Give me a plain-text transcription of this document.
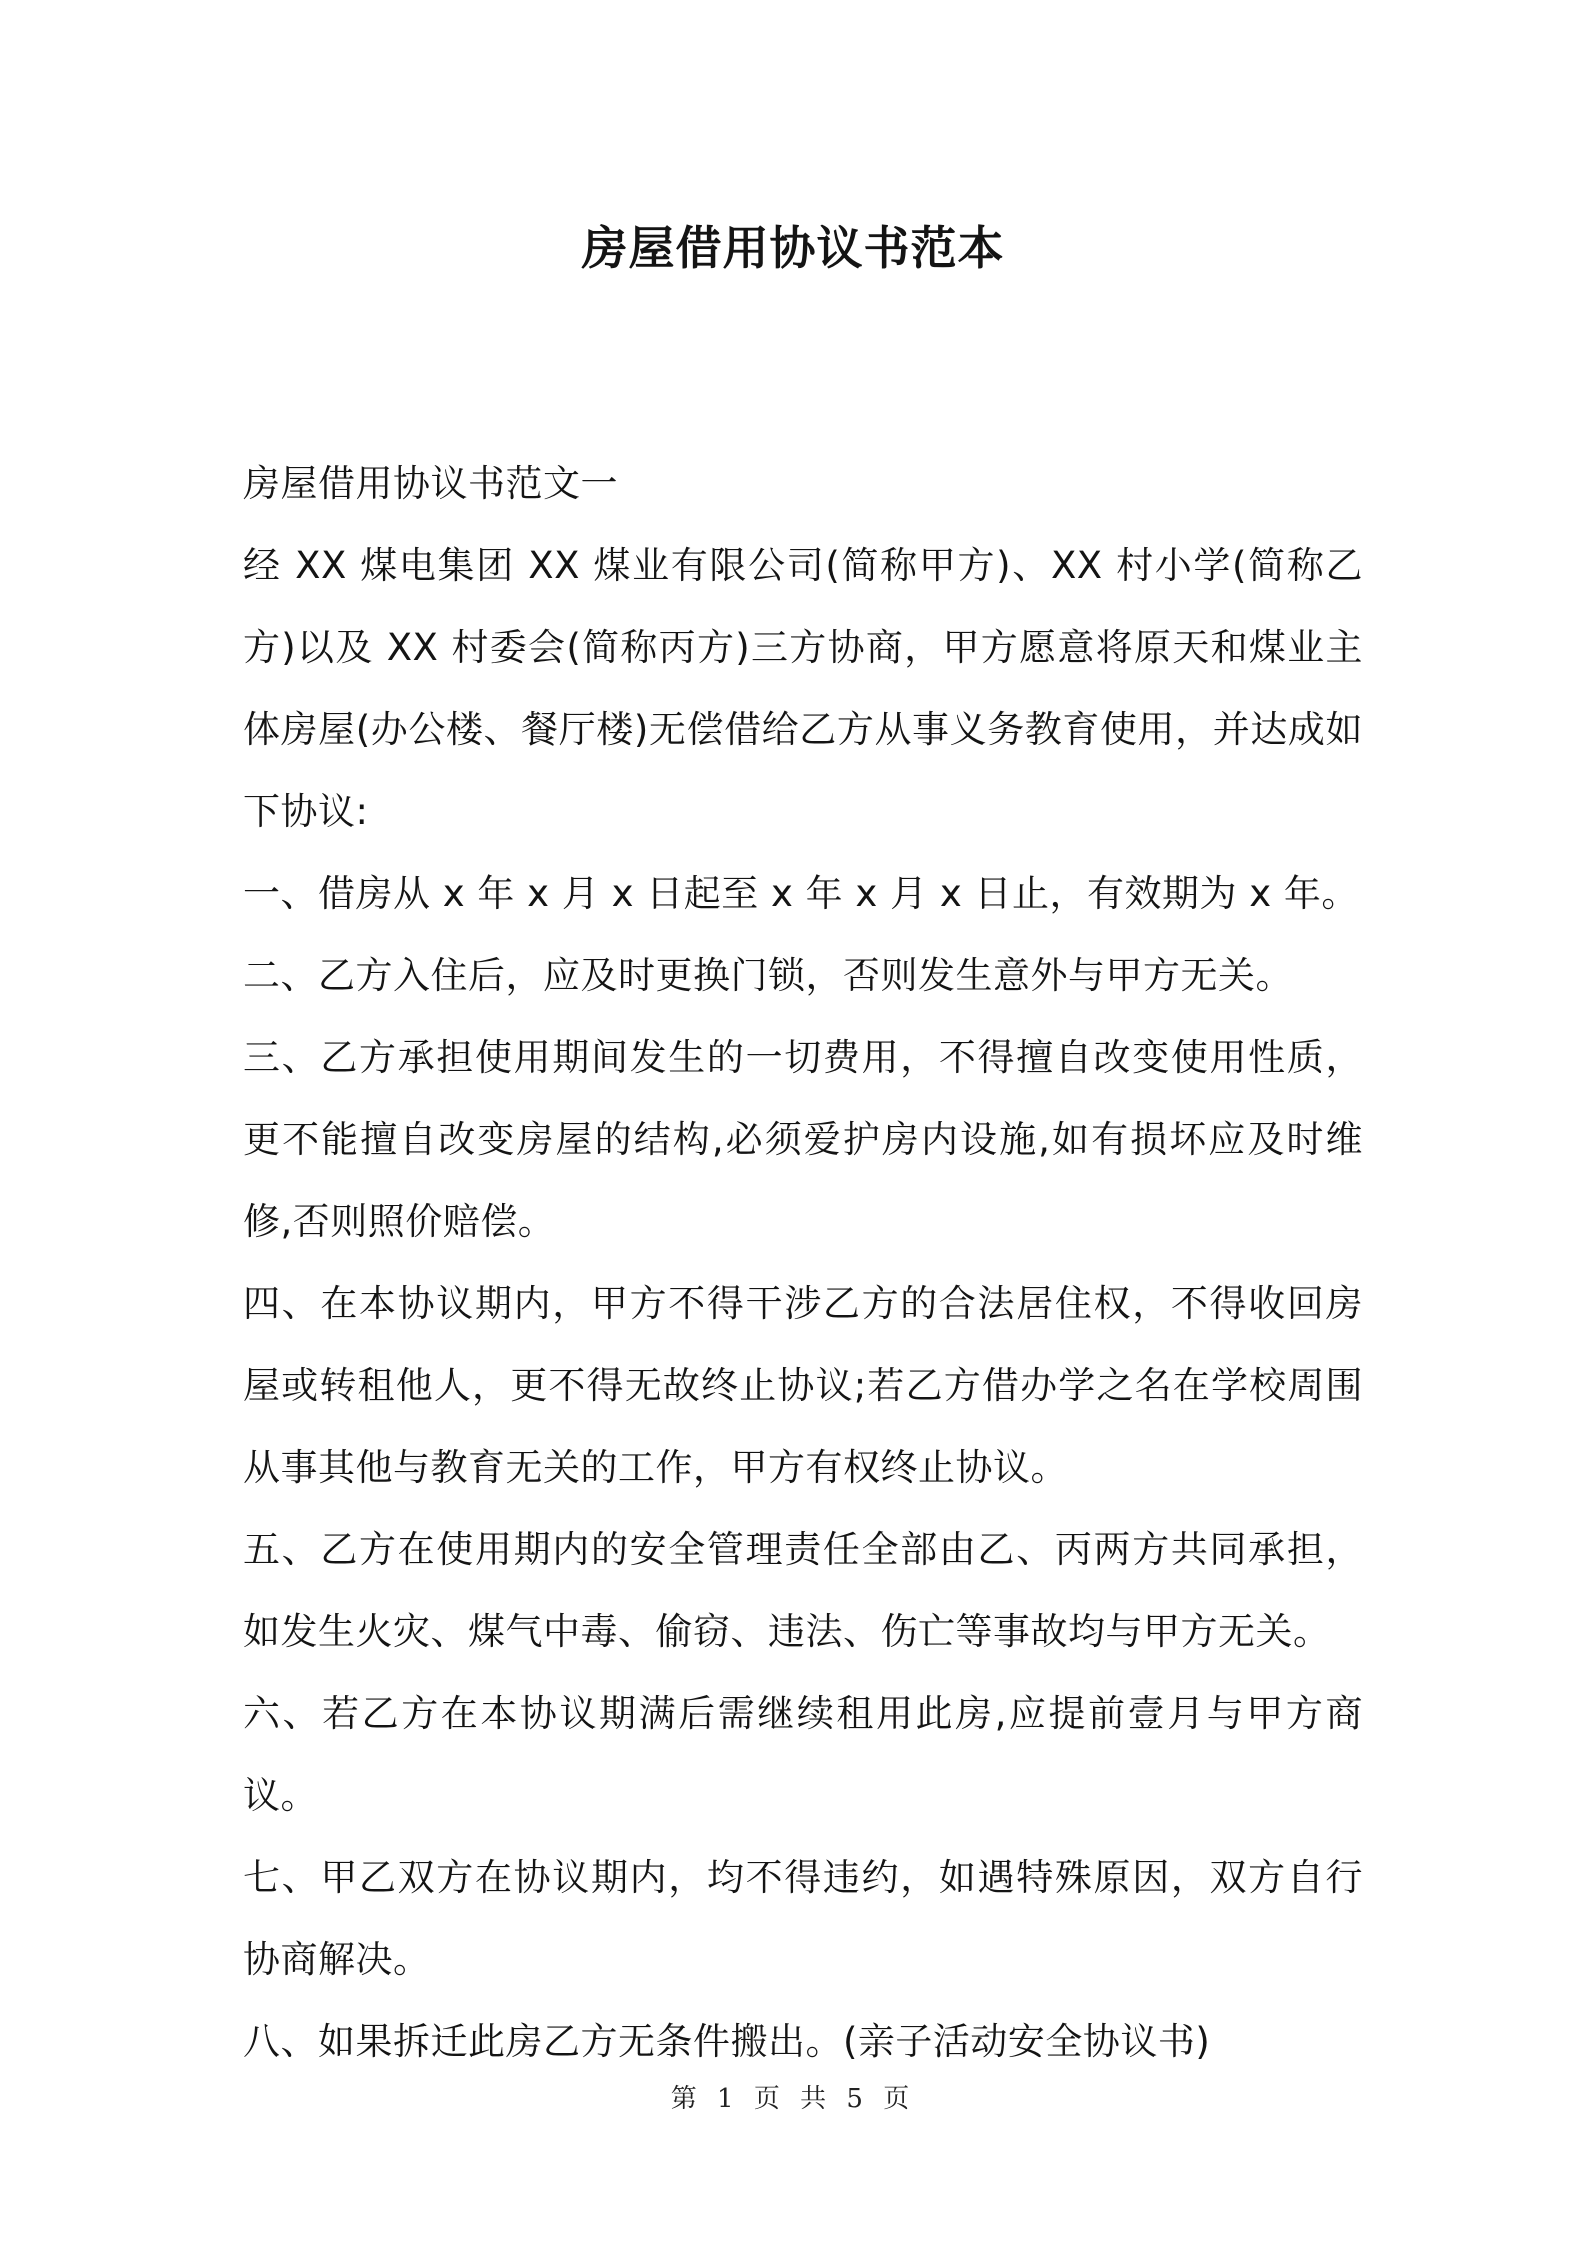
房屋借用协议书范本

房屋借用协议书范文一

经 XX 煤电集团 XX 煤业有限公司(简称甲方)、XX 村小学(简称乙方)以及 XX 村委会(简称丙方)三方协商，甲方愿意将原天和煤业主体房屋(办公楼、餐厅楼)无偿借给乙方从事义务教育使用，并达成如下协议:

一、借房从 x 年 x 月 x 日起至 x 年 x 月 x 日止，有效期为 x 年。

二、乙方入住后，应及时更换门锁，否则发生意外与甲方无关。

三、乙方承担使用期间发生的一切费用，不得擅自改变使用性质，更不能擅自改变房屋的结构,必须爱护房内设施,如有损坏应及时维修,否则照价赔偿。

四、在本协议期内，甲方不得干涉乙方的合法居住权，不得收回房屋或转租他人，更不得无故终止协议;若乙方借办学之名在学校周围从事其他与教育无关的工作，甲方有权终止协议。

五、乙方在使用期内的安全管理责任全部由乙、丙两方共同承担，如发生火灾、煤气中毒、偷窃、违法、伤亡等事故均与甲方无关。

六、若乙方在本协议期满后需继续租用此房,应提前壹月与甲方商议。

七、甲乙双方在协议期内，均不得违约，如遇特殊原因，双方自行协商解决。

八、如果拆迁此房乙方无条件搬出。(亲子活动安全协议书)

第 1 页 共 5 页
